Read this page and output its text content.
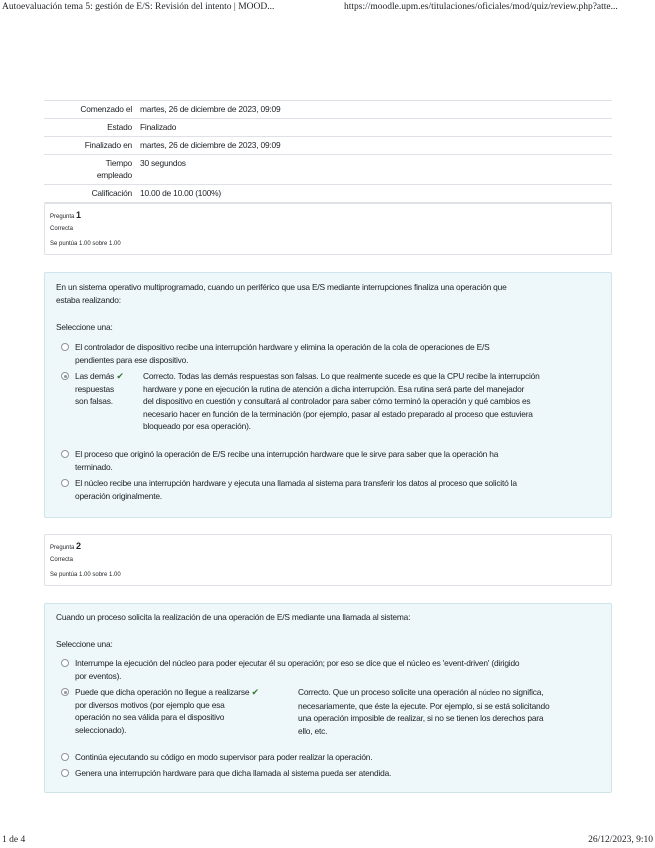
Autoevaluación tema 5: gestión de E/S: Revisión del intento | MOOD...	https://moodle.upm.es/titulaciones/oficiales/mod/quiz/review.php?atte...
Comenzado el martes, 26 de diciembre de 2023, 09:09
Estado Finalizado
Finalizado en martes, 26 de diciembre de 2023, 09:09
Tiempo
empleado
30 segundos
Calificación 10.00 de 10.00 (100%)
Pregunta 1
Correcta
Se puntúa 1.00 sobre 1.00
En un sistema operativo multiprogramado, cuando un periférico que usa E/S mediante interrupciones finaliza una operación que
estaba realizando:
Seleccione una:
El controlador de dispositivo recibe una interrupción hardware y elimina la operación de la cola de operaciones de E/S
pendientes para ese dispositivo.
Las demás ✔
respuestas
son falsas.
Correcto. Todas las demás respuestas son falsas. Lo que realmente sucede es que la CPU recibe la interrupción
hardware y pone en ejecución la rutina de atención a dicha interrupción. Esa rutina será parte del manejador
del dispositivo en cuestión y consultará al controlador para saber cómo terminó la operación y qué cambios es
necesario hacer en función de la terminación (por ejemplo, pasar al estado preparado al proceso que estuviera
bloqueado por esa operación).
El proceso que originó la operación de E/S recibe una interrupción hardware que le sirve para saber que la operación ha
terminado.
El núcleo recibe una interrupción hardware y ejecuta una llamada al sistema para transferir los datos al proceso que solicitó la
operación originalmente.
Pregunta 2
Correcta
Se puntúa 1.00 sobre 1.00
Cuando un proceso solicita la realización de una operación de E/S mediante una llamada al sistema:
Seleccione una:
Interrumpe la ejecución del núcleo para poder ejecutar él su operación; por eso se dice que el núcleo es 'event-driven' (dirigido
por eventos).
Puede que dicha operación no llegue a realizarse ✔
por diversos motivos (por ejemplo que esa
operación no sea válida para el dispositivo
seleccionado).
Correcto. Que un proceso solicite una operación al núcleo no significa,
necesariamente, que éste la ejecute. Por ejemplo, si se está solicitando
una operación imposible de realizar, si no se tienen los derechos para
ello, etc.
Continúa ejecutando su código en modo supervisor para poder realizar la operación.
Genera una interrupción hardware para que dicha llamada al sistema pueda ser atendida.
1 de 4	26/12/2023, 9:10
